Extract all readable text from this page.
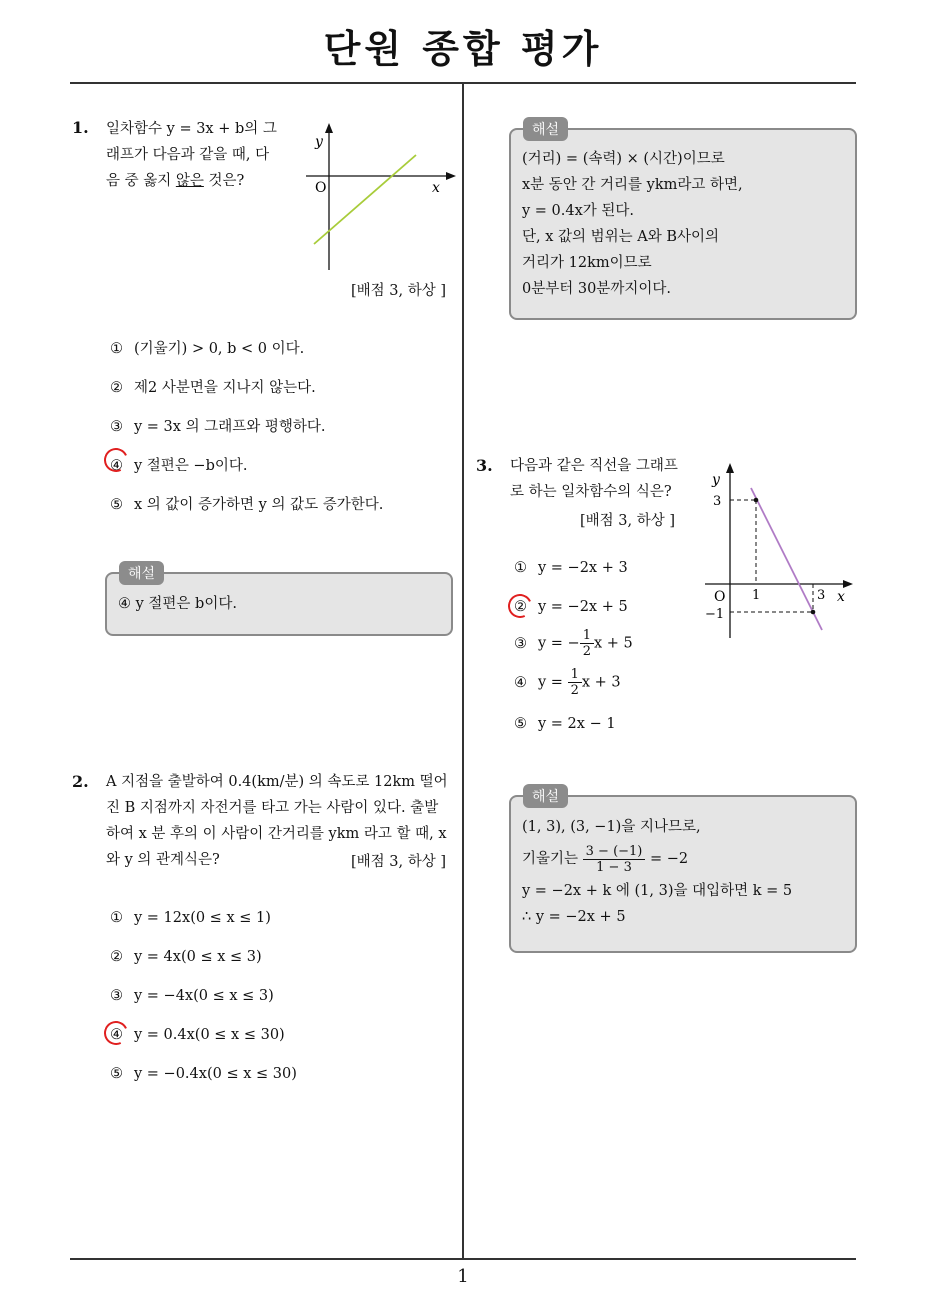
단원 종합 평가
1
1. 일차함수 y = 3x + b의 그
래프가 다음과 같을 때, 다
음 중 옳지 않은 것은?
y
x
O
[배점 3, 하상 ]
① (기울기) > 0, b < 0 이다.
② 제2 사분면을 지나지 않는다.
③ y = 3x 의 그래프와 평행하다.
④ y 절편은 −b이다.
⑤ x 의 값이 증가하면 y 의 값도 증가한다.
해설
④ y 절편은 b이다.
2. A 지점을 출발하여 0.4(km/분) 의 속도로 12km 떨어
진 B 지점까지 자전거를 타고 가는 사람이 있다. 출발
하여 x 분 후의 이 사람이 간거리를 ykm 라고 할 때, x
와 y 의 관계식은?	[배점 3, 하상 ]
① y = 12x(0 ≤ x ≤ 1)
② y = 4x(0 ≤ x ≤ 3)
③ y = −4x(0 ≤ x ≤ 3)
④ y = 0.4x(0 ≤ x ≤ 30)
⑤ y = −0.4x(0 ≤ x ≤ 30)
해설
(거리) = (속력) × (시간)이므로
x분 동안 간 거리를 ykm라고 하면,
y = 0.4x가 된다.
단, x 값의 범위는 A와 B사이의
거리가 12km이므로
0분부터 30분까지이다.
3. 다음과 같은 직선을 그래프
로 하는 일차함수의 식은?
[배점 3, 하상 ]
y
x
O 1	3
3
−1
① y = −2x + 3
② y = −2x + 5
③ y = − $\frac{1}{2}$ x + 5
④ $y = \frac{1}{2}$ x + 3
⑤ y = 2x − 1
해설
(1, 3), (3, −1)을 지나므로,
기울기는 $\frac{3 - (-1)}{1 - 3} = -2$
y = −2x + k 에 (1, 3)을 대입하면 k = 5
∴ y = −2x + 5
